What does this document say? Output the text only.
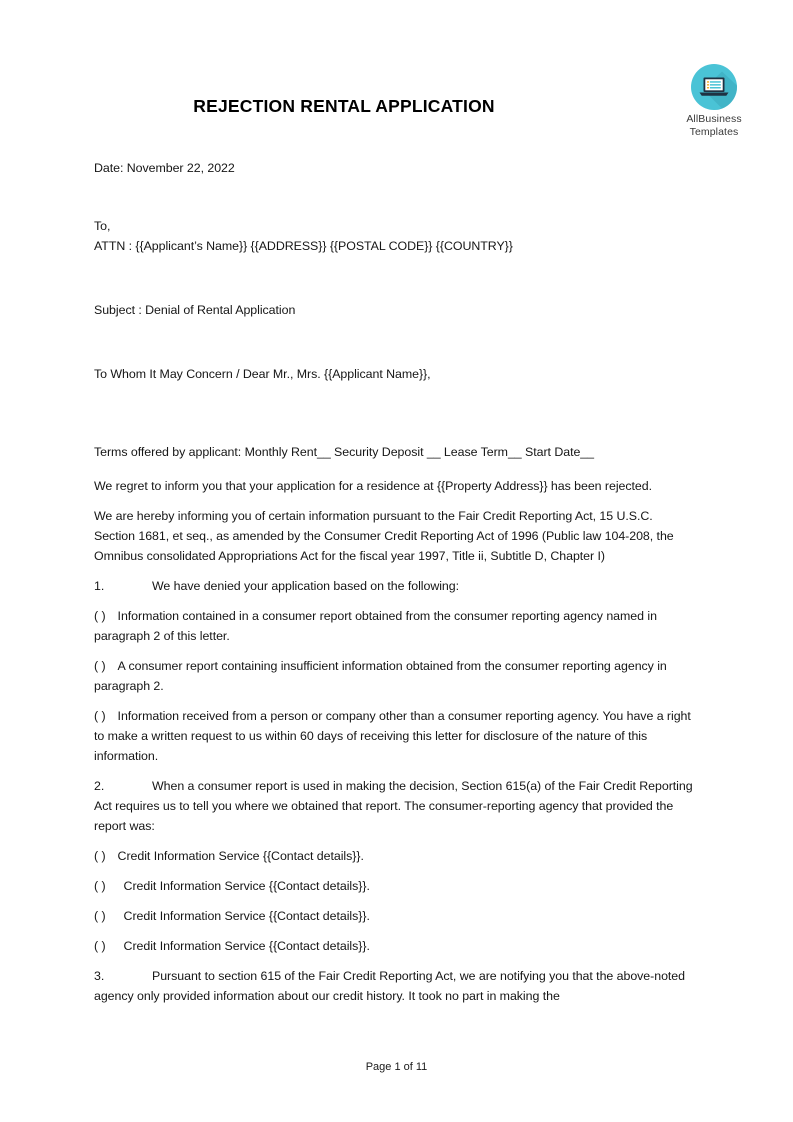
AllBusiness
Templates
REJECTION RENTAL APPLICATION
Date: November 22, 2022
To,
ATTN : {{Applicant’s Name}} {{ADDRESS}} {{POSTAL CODE}} {{COUNTRY}}
Subject : Denial of Rental Application
To Whom It May Concern / Dear Mr., Mrs. {{Applicant Name}},
Terms offered by applicant: Monthly Rent__ Security Deposit __ Lease Term__ Start Date__

We regret to inform you that your application for a residence at {{Property Address}} has been rejected.

We are hereby informing you of certain information pursuant to the Fair Credit Reporting Act, 15 U.S.C. Section 1681, et seq., as amended by the Consumer Credit Reporting Act of 1996 (Public law 104-208, the Omnibus consolidated Appropriations Act for the fiscal year 1997, Title ii, Subtitle D, Chapter I)

1.	We have denied your application based on the following:

( ) Information contained in a consumer report obtained from the consumer reporting agency named in paragraph 2 of this letter.

( ) A consumer report containing insufficient information obtained from the consumer reporting agency in paragraph 2.

( ) Information received from a person or company other than a consumer reporting agency. You have a right to make a written request to us within 60 days of receiving this letter for disclosure of the nature of this information.

2.	When a consumer report is used in making the decision, Section 615(a) of the Fair Credit Reporting Act requires us to tell you where we obtained that report. The consumer-reporting agency that provided the report was:

( ) Credit Information Service {{Contact details}}.

( ) Credit Information Service {{Contact details}}.

( ) Credit Information Service {{Contact details}}.

( ) Credit Information Service {{Contact details}}.

3.	Pursuant to section 615 of the Fair Credit Reporting Act, we are notifying you that the above-noted agency only provided information about our credit history. It took no part in making the

Page 1 of 11
